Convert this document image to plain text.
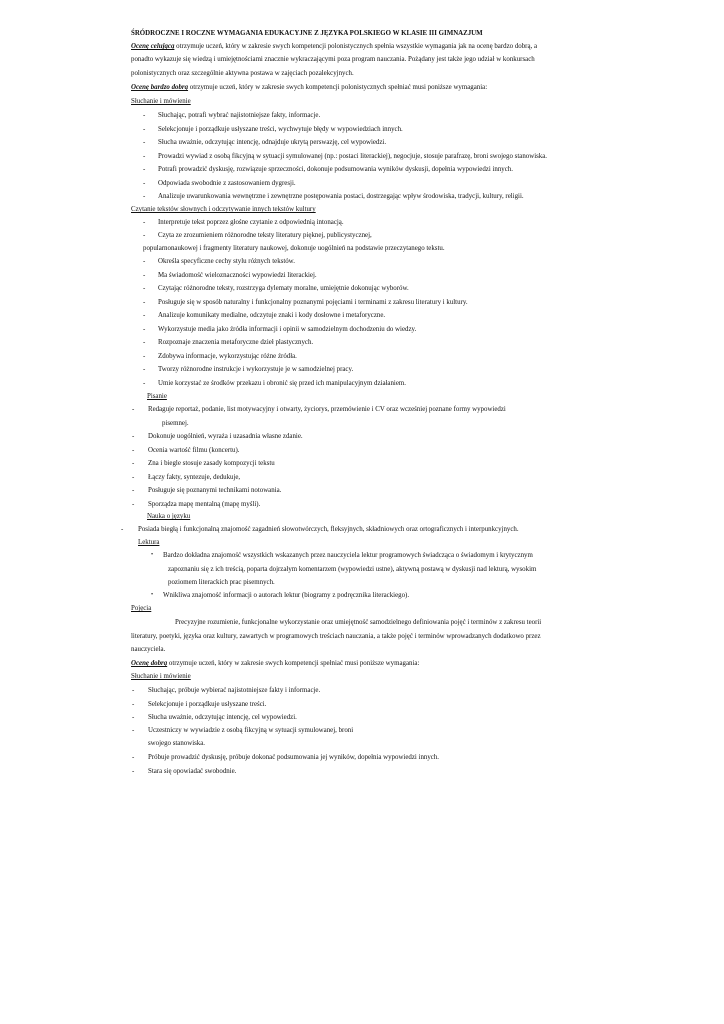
ŚRÓDROCZNE I ROCZNE WYMAGANIA EDUKACYJNE Z JĘZYKA POLSKIEGO W KLASIE III GIMNAZJUM
Ocenę celującą otrzymuje uczeń, który w zakresie swych kompetencji polonistycznych spełnia wszystkie wymagania jak na ocenę bardzo dobrą, a
ponadto wykazuje się wiedzą i umiejętnościami znacznie wykraczającymi poza program nauczania. Pożądany jest także jego udział w konkursach
polonistycznych oraz szczególnie aktywna postawa w zajęciach pozalekcyjnych.
Ocenę bardzo dobrą otrzymuje uczeń, który w zakresie swych kompetencji polonistycznych spełniać musi poniższe wymagania:
Słuchanie i mówienie
- Słuchając, potrafi wybrać najistotniejsze fakty, informacje.
- Selekcjonuje i porządkuje usłyszane treści, wychwytuje błędy w wypowiedziach innych.
- Słucha uważnie, odczytując intencję, odnajduje ukrytą perswazję, cel wypowiedzi.
- Prowadzi wywiad z osobą fikcyjną w sytuacji symulowanej (np.: postaci literackiej), negocjuje, stosuje parafrazę, broni swojego stanowiska.
- Potrafi prowadzić dyskusję, rozwiązuje sprzeczności, dokonuje podsumowania wyników dyskusji, dopełnia wypowiedzi innych.
- Odpowiada swobodnie z zastosowaniem dygresji.
- Analizuje uwarunkowania wewnętrzne i zewnętrzne postępowania postaci, dostrzegając wpływ środowiska, tradycji, kultury, religii.
Czytanie tekstów słownych i odczytywanie innych tekstów kultury
- Interpretuje tekst poprzez głośne czytanie z odpowiednią intonacją.
- Czyta ze zrozumieniem różnorodne teksty literatury pięknej, publicystycznej,
popularnonaukowej i fragmenty literatury naukowej, dokonuje uogólnień na podstawie przeczytanego tekstu.
- Określa specyficzne cechy stylu różnych tekstów.
- Ma świadomość wieloznaczności wypowiedzi literackiej.
- Czytając różnorodne teksty, rozstrzyga dylematy moralne, umiejętnie dokonując wyborów.
- Posługuje się w sposób naturalny i funkcjonalny poznanymi pojęciami i terminami z zakresu literatury i kultury.
- Analizuje komunikaty medialne, odczytuje znaki i kody dosłowne i metaforyczne.
- Wykorzystuje media jako źródła informacji i opinii w samodzielnym dochodzeniu do wiedzy.
- Rozpoznaje znaczenia metaforyczne dzieł plastycznych.
- Zdobywa informacje, wykorzystując różne źródła.
- Tworzy różnorodne instrukcje i wykorzystuje je w samodzielnej pracy.
- Umie korzystać ze środków przekazu i obronić się przed ich manipulacyjnym działaniem.
Pisanie
- Redaguje reportaż, podanie, list motywacyjny i otwarty, życiorys, przemówienie i CV oraz wcześniej poznane formy wypowiedzi
pisemnej.
- Dokonuje uogólnień, wyraża i uzasadnia własne zdanie.
- Ocenia wartość filmu (koncertu).
- Zna i biegle stosuje zasady kompozycji tekstu
- Łączy fakty, syntezuje, dedukuje,
- Posługuje się poznanymi technikami notowania.
- Sporządza mapę mentalną (mapę myśli).
Nauka o języku
- Posiada biegłą i funkcjonalną znajomość zagadnień słowotwórczych, fleksyjnych, składniowych oraz ortograficznych i interpunkcyjnych.
Lektura
• Bardzo dokładna znajomość wszystkich wskazanych przez nauczyciela lektur programowych świadcząca o świadomym i krytycznym
zapoznaniu się z ich treścią, poparta dojrzałym komentarzem (wypowiedzi ustne), aktywną postawą w dyskusji nad lekturą, wysokim
poziomem literackich prac pisemnych.
• Wnikliwa znajomość informacji o autorach lektur (biogramy z podręcznika literackiego).
Pojęcia
Precyzyjne rozumienie, funkcjonalne wykorzystanie oraz umiejętność samodzielnego definiowania pojęć i terminów z zakresu teorii
literatury, poetyki, języka oraz kultury, zawartych w programowych treściach nauczania, a także pojęć i terminów wprowadzanych dodatkowo przez
nauczyciela.
Ocenę dobrą otrzymuje uczeń, który w zakresie swych kompetencji spełniać musi poniższe wymagania:
Słuchanie i mówienie
- Słuchając, próbuje wybierać najistotniejsze fakty i informacje.
- Selekcjonuje i porządkuje usłyszane treści.
- Słucha uważnie, odczytując intencję, cel wypowiedzi.
- Uczestniczy w wywiadzie z osobą fikcyjną w sytuacji symulowanej, broni
swojego stanowiska.
- Próbuje prowadzić dyskusję, próbuje dokonać podsumowania jej wyników, dopełnia wypowiedzi innych.
- Stara się opowiadać swobodnie.
